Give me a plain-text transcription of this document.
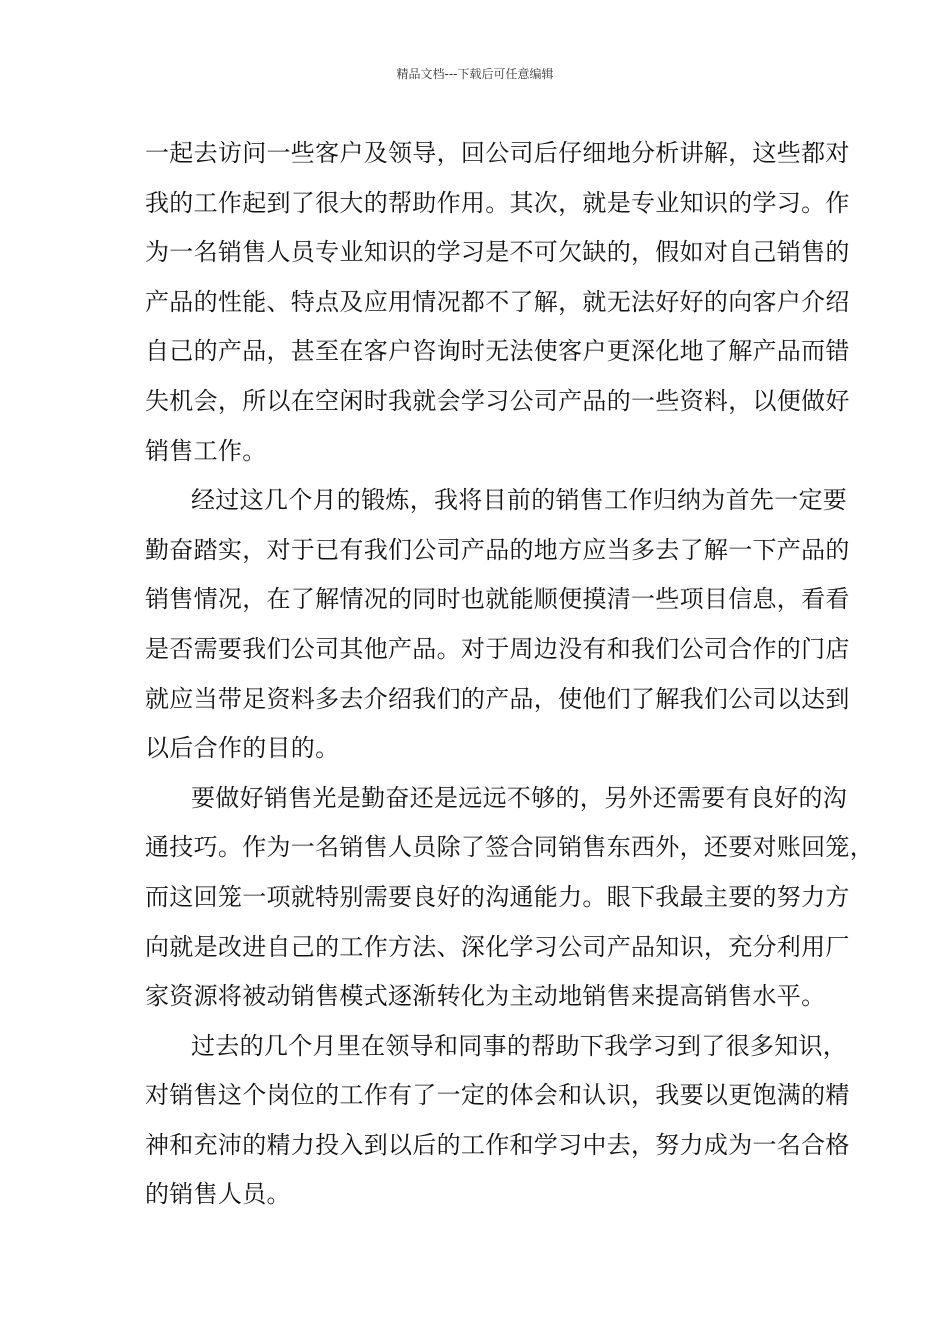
精品文档---下载后可任意编辑
一起去访问一些客户及领导，回公司后仔细地分析讲解，这些都对
我的工作起到了很大的帮助作用。其次，就是专业知识的学习。作
为一名销售人员专业知识的学习是不可欠缺的，假如对自己销售的
产品的性能、特点及应用情况都不了解，就无法好好的向客户介绍
自己的产品，甚至在客户咨询时无法使客户更深化地了解产品而错
失机会，所以在空闲时我就会学习公司产品的一些资料，以便做好
销售工作。
经过这几个月的锻炼，我将目前的销售工作归纳为首先一定要
勤奋踏实，对于已有我们公司产品的地方应当多去了解一下产品的
销售情况，在了解情况的同时也就能顺便摸清一些项目信息，看看
是否需要我们公司其他产品。对于周边没有和我们公司合作的门店
就应当带足资料多去介绍我们的产品，使他们了解我们公司以达到
以后合作的目的。
要做好销售光是勤奋还是远远不够的，另外还需要有良好的沟
通技巧。作为一名销售人员除了签合同销售东西外，还要对账回笼，
而这回笼一项就特别需要良好的沟通能力。眼下我最主要的努力方
向就是改进自己的工作方法、深化学习公司产品知识，充分利用厂
家资源将被动销售模式逐渐转化为主动地销售来提高销售水平。
过去的几个月里在领导和同事的帮助下我学习到了很多知识，
对销售这个岗位的工作有了一定的体会和认识，我要以更饱满的精
神和充沛的精力投入到以后的工作和学习中去，努力成为一名合格
的销售人员。
